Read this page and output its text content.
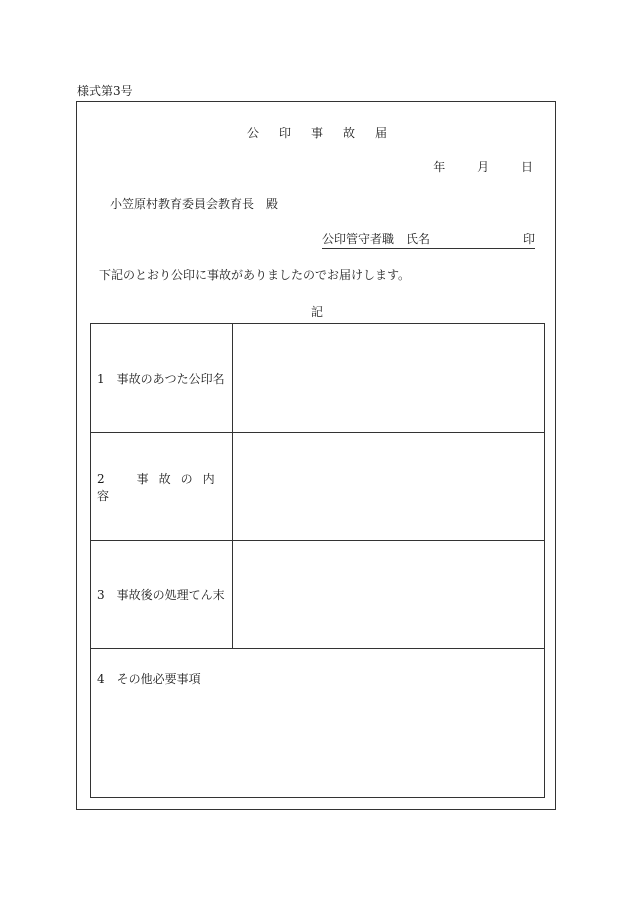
様式第3号
公印事故届
年	月	日
小笠原村教育委員会教育長　殿
公印管守者職　氏名	印
下記のとおり公印に事故がありましたのでお届けします。
記
1　事故のあつた公印名
2　事故の内容
3　事故後の処理てん末
4　その他必要事項
